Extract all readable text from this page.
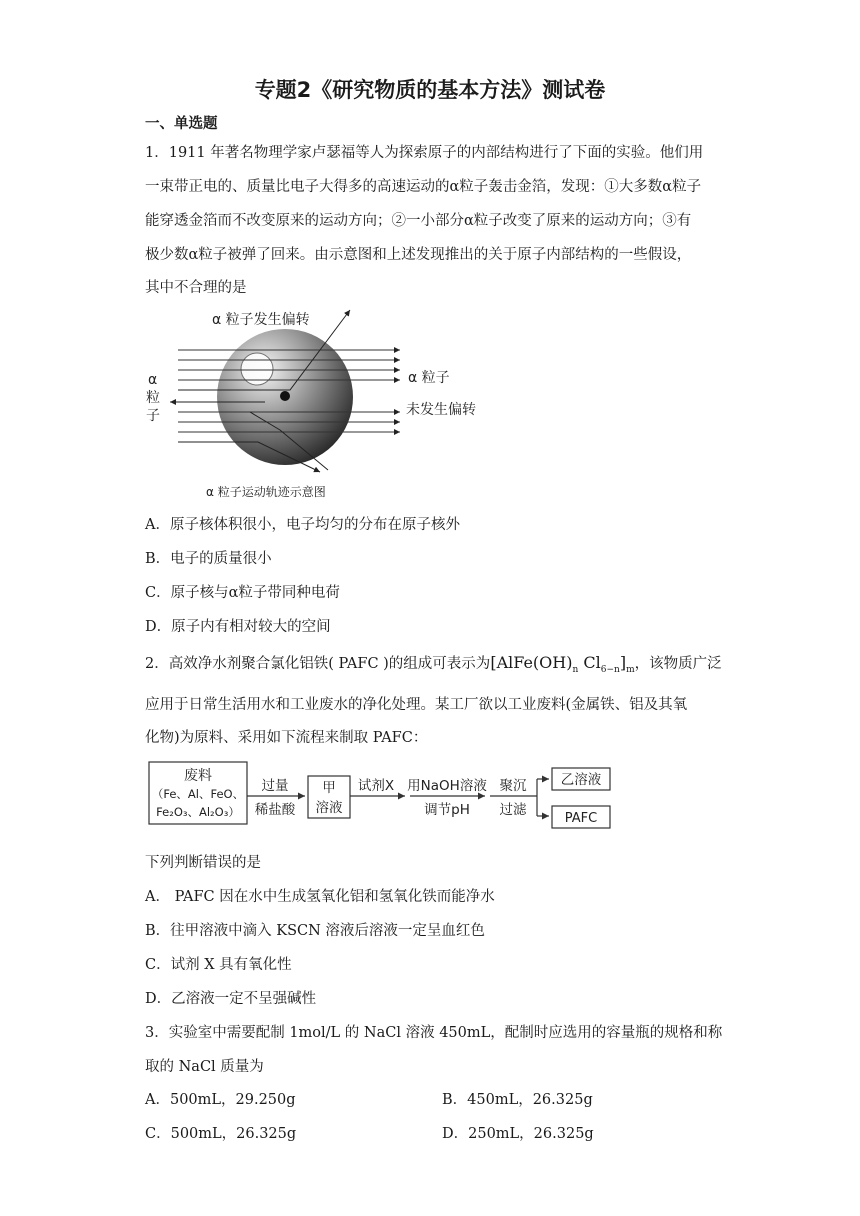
专题2《研究物质的基本方法》测试卷
一、单选题
1．1911 年著名物理学家卢瑟福等人为探索原子的内部结构进行了下面的实验。他们用
一束带正电的、质量比电子大得多的高速运动的α粒子轰击金箔，发现：①大多数α粒子
能穿透金箔而不改变原来的运动方向；②一小部分α粒子改变了原来的运动方向；③有
极少数α粒子被弹了回来。由示意图和上述发现推出的关于原子内部结构的一些假设，
其中不合理的是
α 粒子发生偏转
α
粒
子
α 粒子
未发生偏转
α 粒子运动轨迹示意图
A．原子核体积很小，电子均匀的分布在原子核外
B．电子的质量很小
C．原子核与α粒子带同种电荷
D．原子内有相对较大的空间
2．高效净水剂聚合氯化铝铁( PAFC )的组成可表示为[$AlFe(OH)_n$ $Cl_{6-n}]_m$，该物质广泛
应用于日常生活用水和工业废水的净化处理。某工厂欲以工业废料(金属铁、铝及其氧
化物)为原料、采用如下流程来制取 PAFC：
废料
（Fe、Al、FeO、
Fe₂O₃、Al₂O₃）
过量
稀盐酸
甲
溶液
试剂X 用NaOH溶液
调节pH
聚沉
过滤
乙溶液
PAFC
下列判断错误的是
A． PAFC 因在水中生成氢氧化铝和氢氧化铁而能净水
B．往甲溶液中滴入 KSCN 溶液后溶液一定呈血红色
C．试剂 X 具有氧化性
D．乙溶液一定不呈强碱性
3．实验室中需要配制 1mol/L 的 NaCl 溶液 450mL，配制时应选用的容量瓶的规格和称
取的 NaCl 质量为
A．500mL，29.250g	B．450mL，26.325g
C．500mL，26.325g	D．250mL，26.325g
